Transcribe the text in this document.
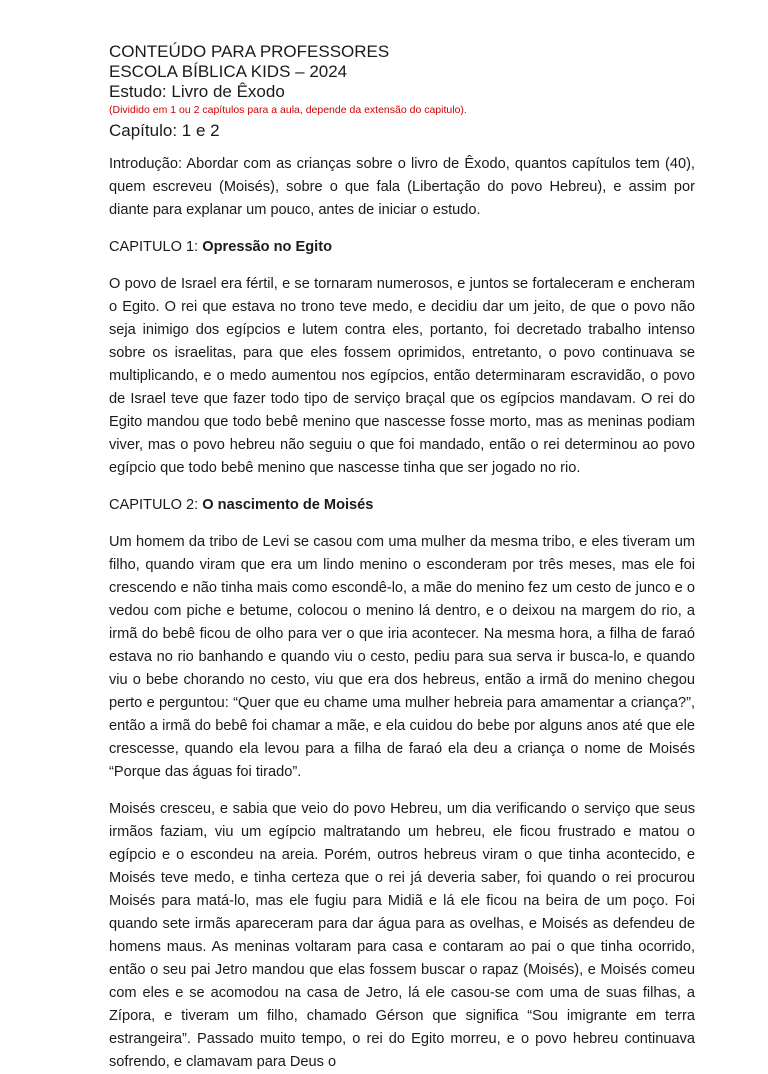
CONTEÚDO PARA PROFESSORES
ESCOLA BÍBLICA KIDS – 2024
Estudo: Livro de Êxodo
(Dividido em 1 ou 2 capítulos para a aula, depende da extensão do capitulo).
Capítulo: 1 e 2

Introdução: Abordar com as crianças sobre o livro de Êxodo, quantos capítulos tem (40), quem escreveu (Moisés), sobre o que fala (Libertação do povo Hebreu), e assim por diante para explanar um pouco, antes de iniciar o estudo.

CAPITULO 1: Opressão no Egito

O povo de Israel era fértil, e se tornaram numerosos, e juntos se fortaleceram e encheram o Egito. O rei que estava no trono teve medo, e decidiu dar um jeito, de que o povo não seja inimigo dos egípcios e lutem contra eles, portanto, foi decretado trabalho intenso sobre os israelitas, para que eles fossem oprimidos, entretanto, o povo continuava se multiplicando, e o medo aumentou nos egípcios, então determinaram escravidão, o povo de Israel teve que fazer todo tipo de serviço braçal que os egípcios mandavam. O rei do Egito mandou que todo bebê menino que nascesse fosse morto, mas as meninas podiam viver, mas o povo hebreu não seguiu o que foi mandado, então o rei determinou ao povo egípcio que todo bebê menino que nascesse tinha que ser jogado no rio.

CAPITULO 2: O nascimento de Moisés

Um homem da tribo de Levi se casou com uma mulher da mesma tribo, e eles tiveram um filho, quando viram que era um lindo menino o esconderam por três meses, mas ele foi crescendo e não tinha mais como escondê-lo, a mãe do menino fez um cesto de junco e o vedou com piche e betume, colocou o menino lá dentro, e o deixou na margem do rio, a irmã do bebê ficou de olho para ver o que iria acontecer. Na mesma hora, a filha de faraó estava no rio banhando e quando viu o cesto, pediu para sua serva ir busca-lo, e quando viu o bebe chorando no cesto, viu que era dos hebreus, então a irmã do menino chegou perto e perguntou: “Quer que eu chame uma mulher hebreia para amamentar a criança?”, então a irmã do bebê foi chamar a mãe, e ela cuidou do bebe por alguns anos até que ele crescesse, quando ela levou para a filha de faraó ela deu a criança o nome de Moisés “Porque das águas foi tirado”.

Moisés cresceu, e sabia que veio do povo Hebreu, um dia verificando o serviço que seus irmãos faziam, viu um egípcio maltratando um hebreu, ele ficou frustrado e matou o egípcio e o escondeu na areia. Porém, outros hebreus viram o que tinha acontecido, e Moisés teve medo, e tinha certeza que o rei já deveria saber, foi quando o rei procurou Moisés para matá-lo, mas ele fugiu para Midiã e lá ele ficou na beira de um poço. Foi quando sete irmãs apareceram para dar água para as ovelhas, e Moisés as defendeu de homens maus. As meninas voltaram para casa e contaram ao pai o que tinha ocorrido, então o seu pai Jetro mandou que elas fossem buscar o rapaz (Moisés), e Moisés comeu com eles e se acomodou na casa de Jetro, lá ele casou-se com uma de suas filhas, a Zípora, e tiveram um filho, chamado Gérson que significa “Sou imigrante em terra estrangeira”. Passado muito tempo, o rei do Egito morreu, e o povo hebreu continuava sofrendo, e clamavam para Deus o
